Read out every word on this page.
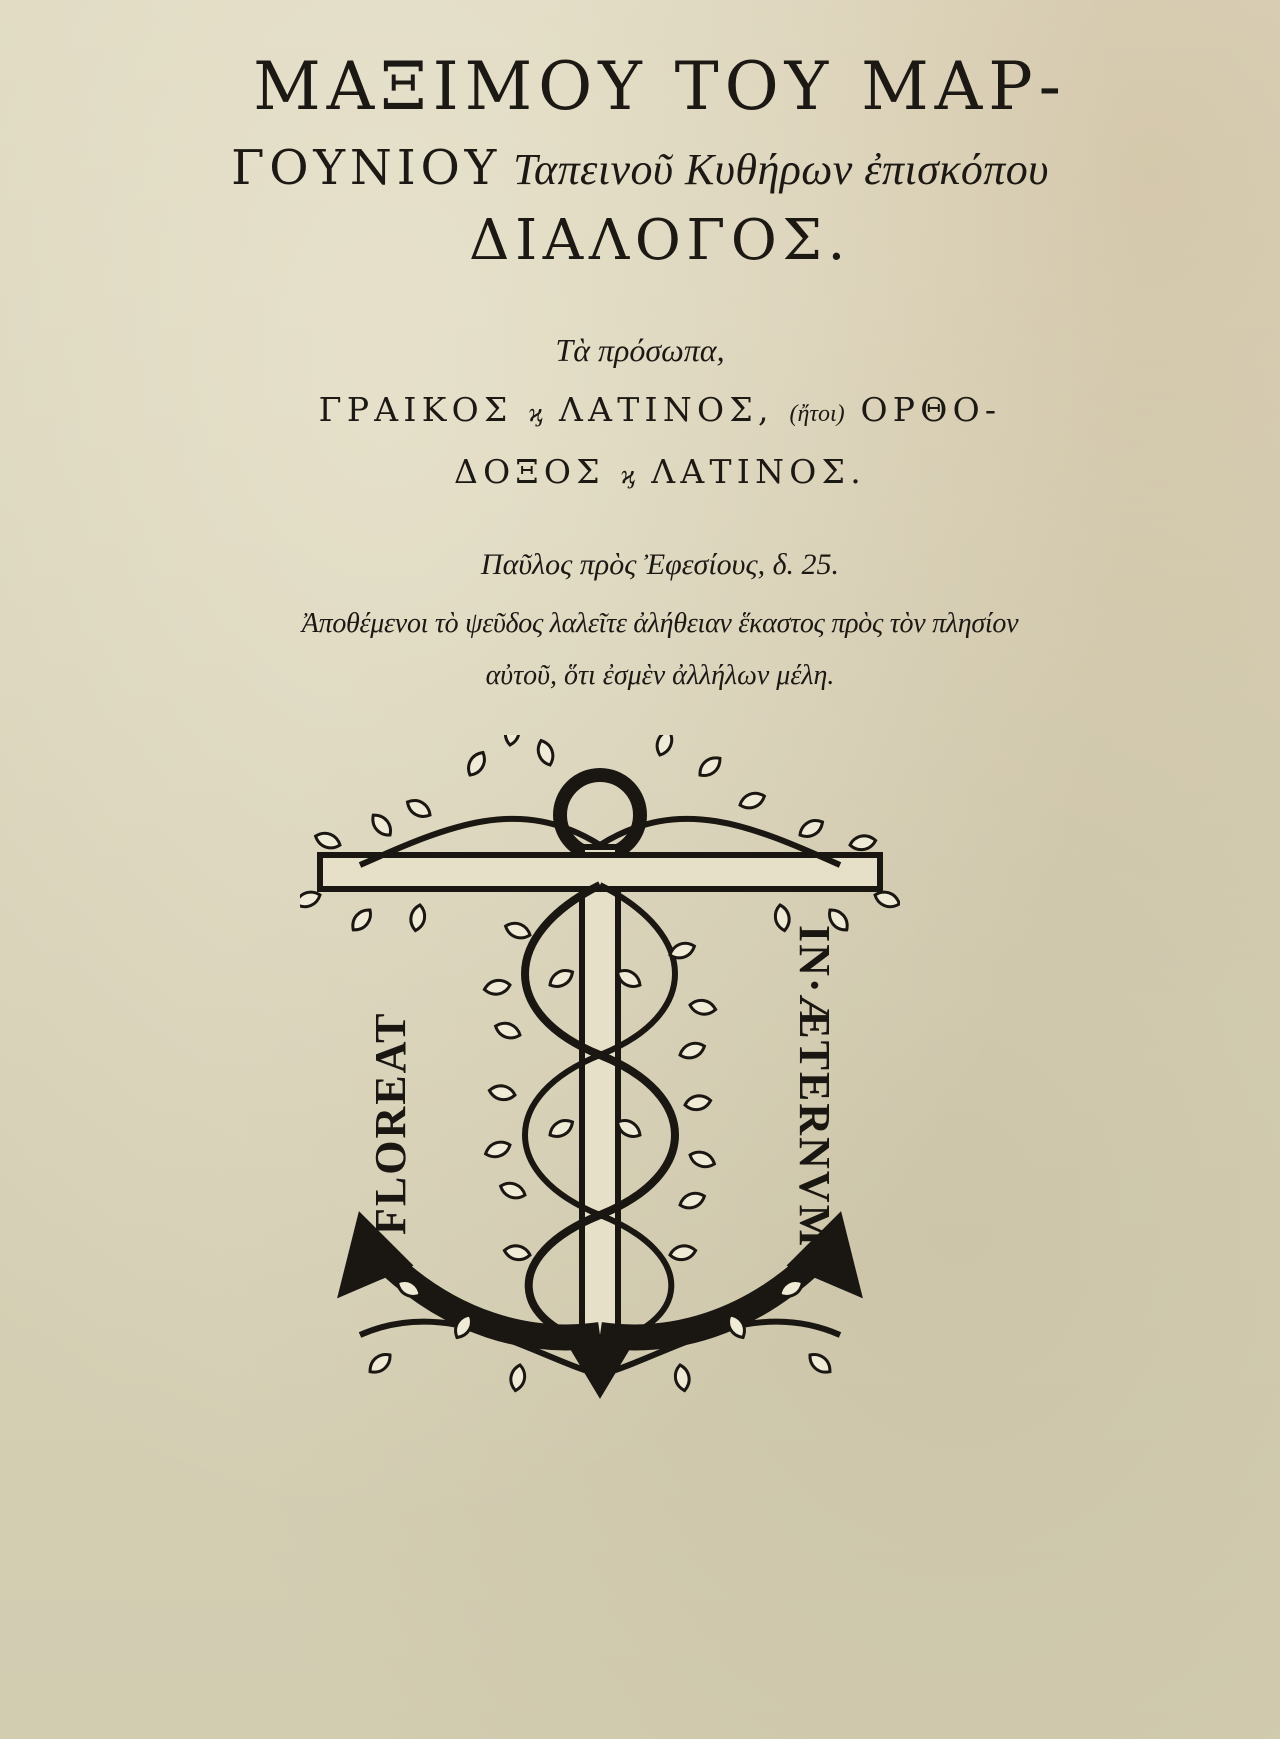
ΜΑΞΙΜΟΥ ΤΟΥ ΜΑΡ-

ΓΟΥΝΙΟΥ Ταπεινοῦ Κυθήρων ἐπισκόπου

ΔΙΑΛΟΓΟΣ.

Τὰ πρόσωπα,

ΓΡΑΙΚΟΣ ϗ ΛΑΤΙΝΟΣ, (ἤτοι) ΟΡΘΟ-

ΔΟΞΟΣ ϗ ΛΑΤΙΝΟΣ.

Παῦλος πρὸς Ἐφεσίους, δ. 25.

Ἀποθέμενοι τὸ ψεῦδος λαλεῖτε ἀλήθειαν ἕκαστος πρὸς τὸν πλησίον

αὐτοῦ, ὅτι ἐσμὲν ἀλλήλων μέλη.

FLOREAT	IN·ÆTERNVM
